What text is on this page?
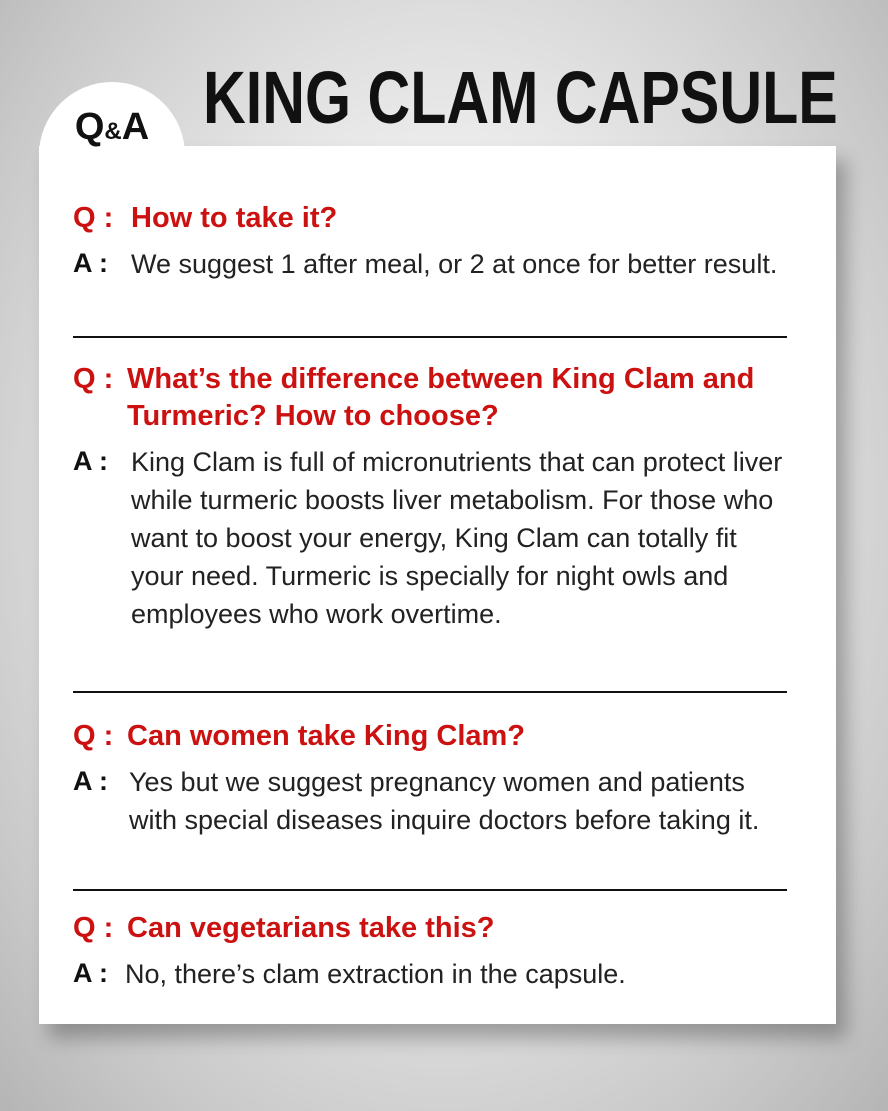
KING CLAM CAPSULE
Q : How to take it?
A : We suggest 1 after meal, or 2 at once for better result.
Q : What’s the difference between King Clam and Turmeric? How to choose?
A : King Clam is full of micronutrients that can protect liver while turmeric boosts liver metabolism. For those who want to boost your energy, King Clam can totally fit your need. Turmeric is specially for night owls and employees who work overtime.
Q : Can women take King Clam?
A : Yes but we suggest pregnancy women and patients with special diseases inquire doctors before taking it.
Q : Can vegetarians take this?
A : No, there’s clam extraction in the capsule.
Q&A
